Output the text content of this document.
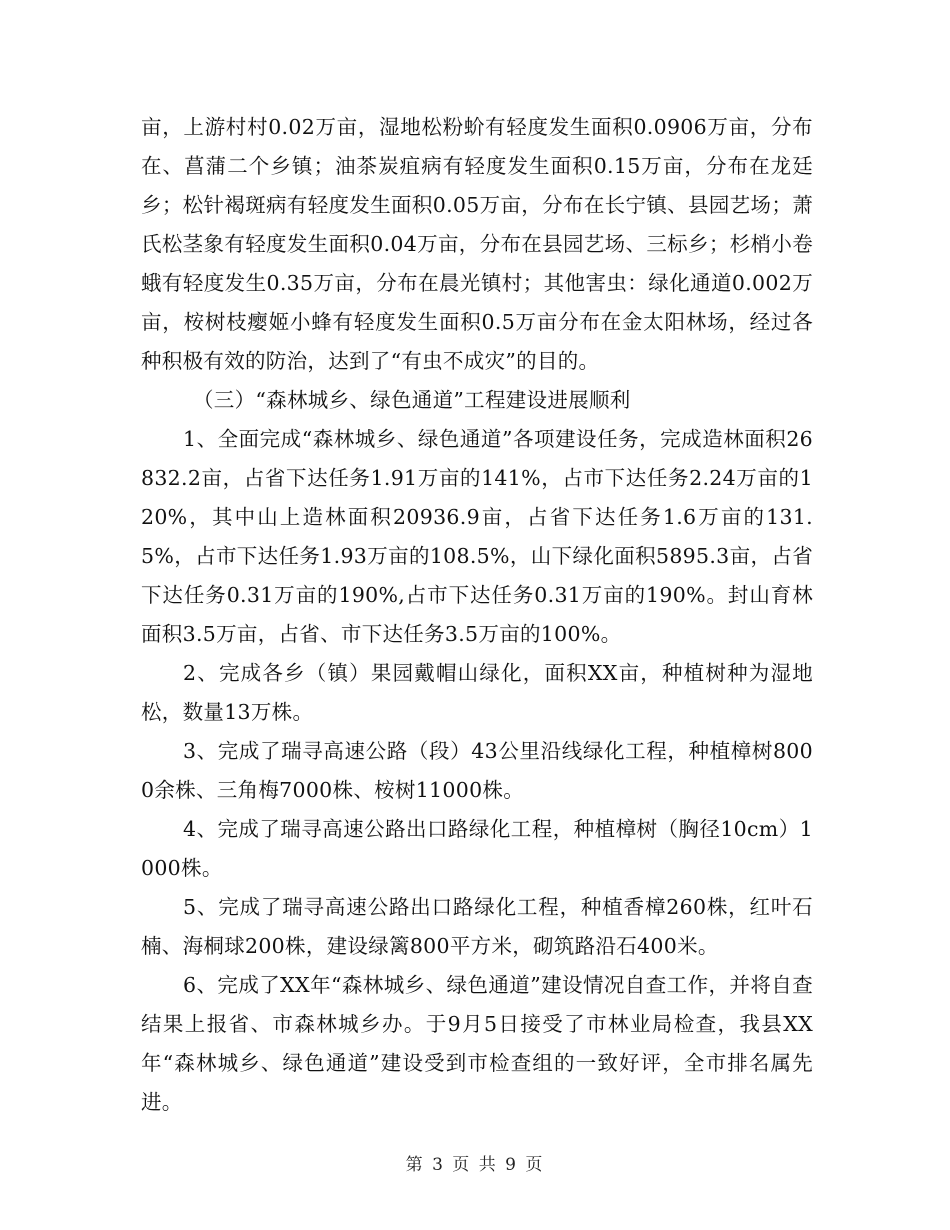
亩，上游村村0.02万亩，湿地松粉蚧有轻度发生面积0.0906万亩，分布在、菖蒲二个乡镇；油茶炭疽病有轻度发生面积0.15万亩，分布在龙廷乡；松针褐斑病有轻度发生面积0.05万亩，分布在长宁镇、县园艺场；萧氏松茎象有轻度发生面积0.04万亩，分布在县园艺场、三标乡；杉梢小卷蛾有轻度发生0.35万亩，分布在晨光镇村；其他害虫：绿化通道0.002万亩，桉树枝瘿姬小蜂有轻度发生面积0.5万亩分布在金太阳林场，经过各种积极有效的防治，达到了“有虫不成灾”的目的。

（三）“森林城乡、绿色通道”工程建设进展顺利

1、全面完成“森林城乡、绿色通道”各项建设任务，完成造林面积26832.2亩，占省下达任务1.91万亩的141%，占市下达任务2.24万亩的120%，其中山上造林面积20936.9亩，占省下达任务1.6万亩的131.5%，占市下达任务1.93万亩的108.5%，山下绿化面积5895.3亩，占省下达任务0.31万亩的190%,占市下达任务0.31万亩的190%。封山育林面积3.5万亩，占省、市下达任务3.5万亩的100%。

2、完成各乡（镇）果园戴帽山绿化，面积XX亩，种植树种为湿地松，数量13万株。

3、完成了瑞寻高速公路（段）43公里沿线绿化工程，种植樟树8000余株、三角梅7000株、桉树11000株。

4、完成了瑞寻高速公路出口路绿化工程，种植樟树（胸径10cm）1000株。

5、完成了瑞寻高速公路出口路绿化工程，种植香樟260株，红叶石楠、海桐球200株，建设绿篱800平方米，砌筑路沿石400米。

6、完成了XX年“森林城乡、绿色通道”建设情况自查工作，并将自查结果上报省、市森林城乡办。于9月5日接受了市林业局检查，我县XX年“森林城乡、绿色通道”建设受到市检查组的一致好评，全市排名属先进。

第 3 页 共 9 页
